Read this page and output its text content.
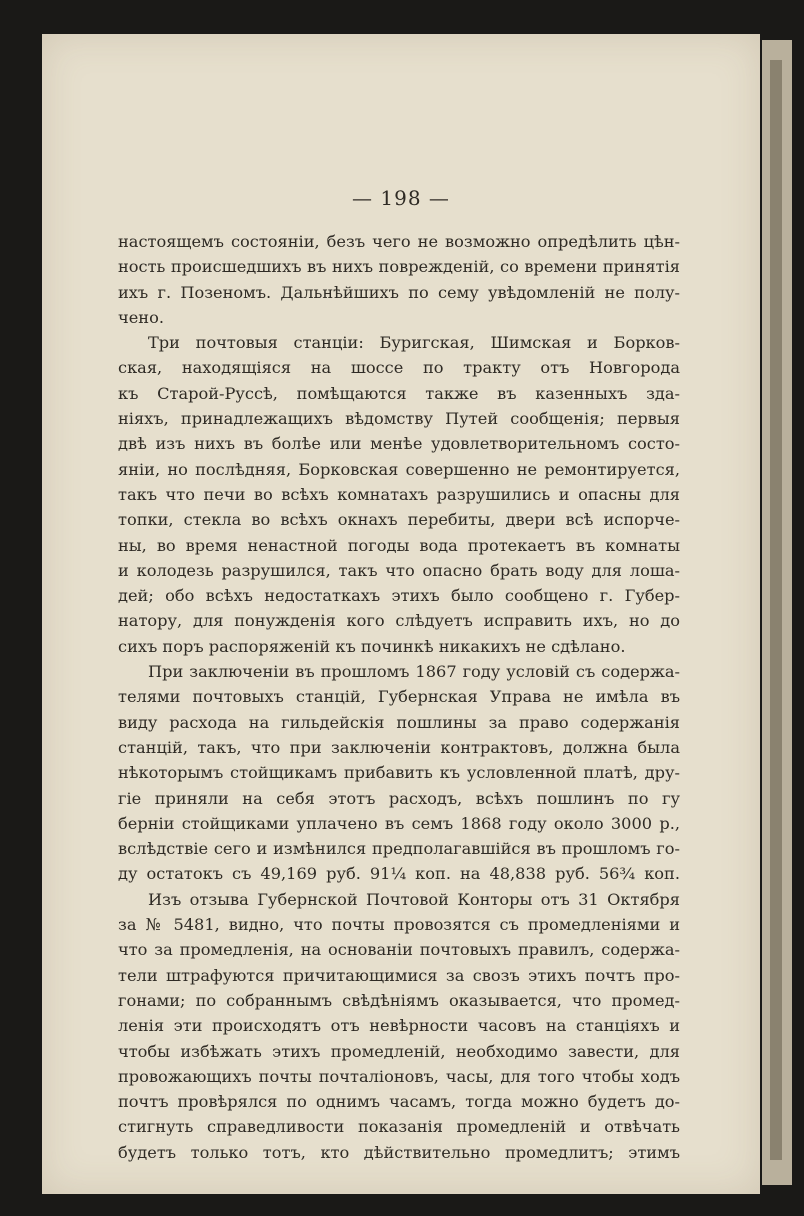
— 198 —
настоящемъ состояніи, безъ чего не возможно опредѣлить цѣн-
ность происшедшихъ въ нихъ поврежденій, со времени принятія
ихъ г. Позеномъ. Дальнѣйшихъ по сему увѣдомленій не полу-
чено.
Три почтовыя станціи: Буригская, Шимская и Борков-
ская, находящіяся на шоссе по тракту отъ Новгорода
къ Старой-Руссѣ, помѣщаются также въ казенныхъ зда-
ніяхъ, принадлежащихъ вѣдомству Путей сообщенія; первыя
двѣ изъ нихъ въ болѣе или менѣе удовлетворительномъ состо-
яніи, но послѣдняя, Борковская совершенно не ремонтируется,
такъ что печи во всѣхъ комнатахъ разрушились и опасны для
топки, стекла во всѣхъ окнахъ перебиты, двери всѣ испорче-
ны, во время ненастной погоды вода протекаетъ въ комнаты
и колодезь разрушился, такъ что опасно брать воду для лоша-
дей; обо всѣхъ недостаткахъ этихъ было сообщено г. Губер-
натору, для понужденія кого слѣдуетъ исправить ихъ, но до
сихъ поръ распоряженій къ починкѣ никакихъ не сдѣлано.
При заключеніи въ прошломъ 1867 году условій съ содержа-
телями почтовыхъ станцій, Губернская Управа не имѣла въ
виду расхода на гильдейскія пошлины за право содержанія
станцій, такъ, что при заключеніи контрактовъ, должна была
нѣкоторымъ стойщикамъ прибавить къ условленной платѣ, дру-
гіе приняли на себя этотъ расходъ, всѣхъ пошлинъ по гу
берніи стойщиками уплачено въ семъ 1868 году около 3000 р.,
вслѣдствіе сего и измѣнился предполагавшійся въ прошломъ го-
ду остатокъ съ 49,169 руб. 91¼ коп. на 48,838 руб. 56¾ коп.
Изъ отзыва Губернской Почтовой Конторы отъ 31 Октября
за № 5481, видно, что почты провозятся съ промедленіями и
что за промедленія, на основаніи почтовыхъ правилъ, содержа-
тели штрафуются причитающимися за свозъ этихъ почтъ про-
гонами; по собраннымъ свѣдѣніямъ оказывается, что промед-
ленія эти происходятъ отъ невѣрности часовъ на станціяхъ и
чтобы избѣжать этихъ промедленій, необходимо завести, для
провожающихъ почты почталіоновъ, часы, для того чтобы ходъ
почтъ провѣрялся по однимъ часамъ, тогда можно будетъ до-
стигнуть справедливости показанія промедленій и отвѣчать
будетъ только тотъ, кто дѣйствительно промедлитъ; этимъ
